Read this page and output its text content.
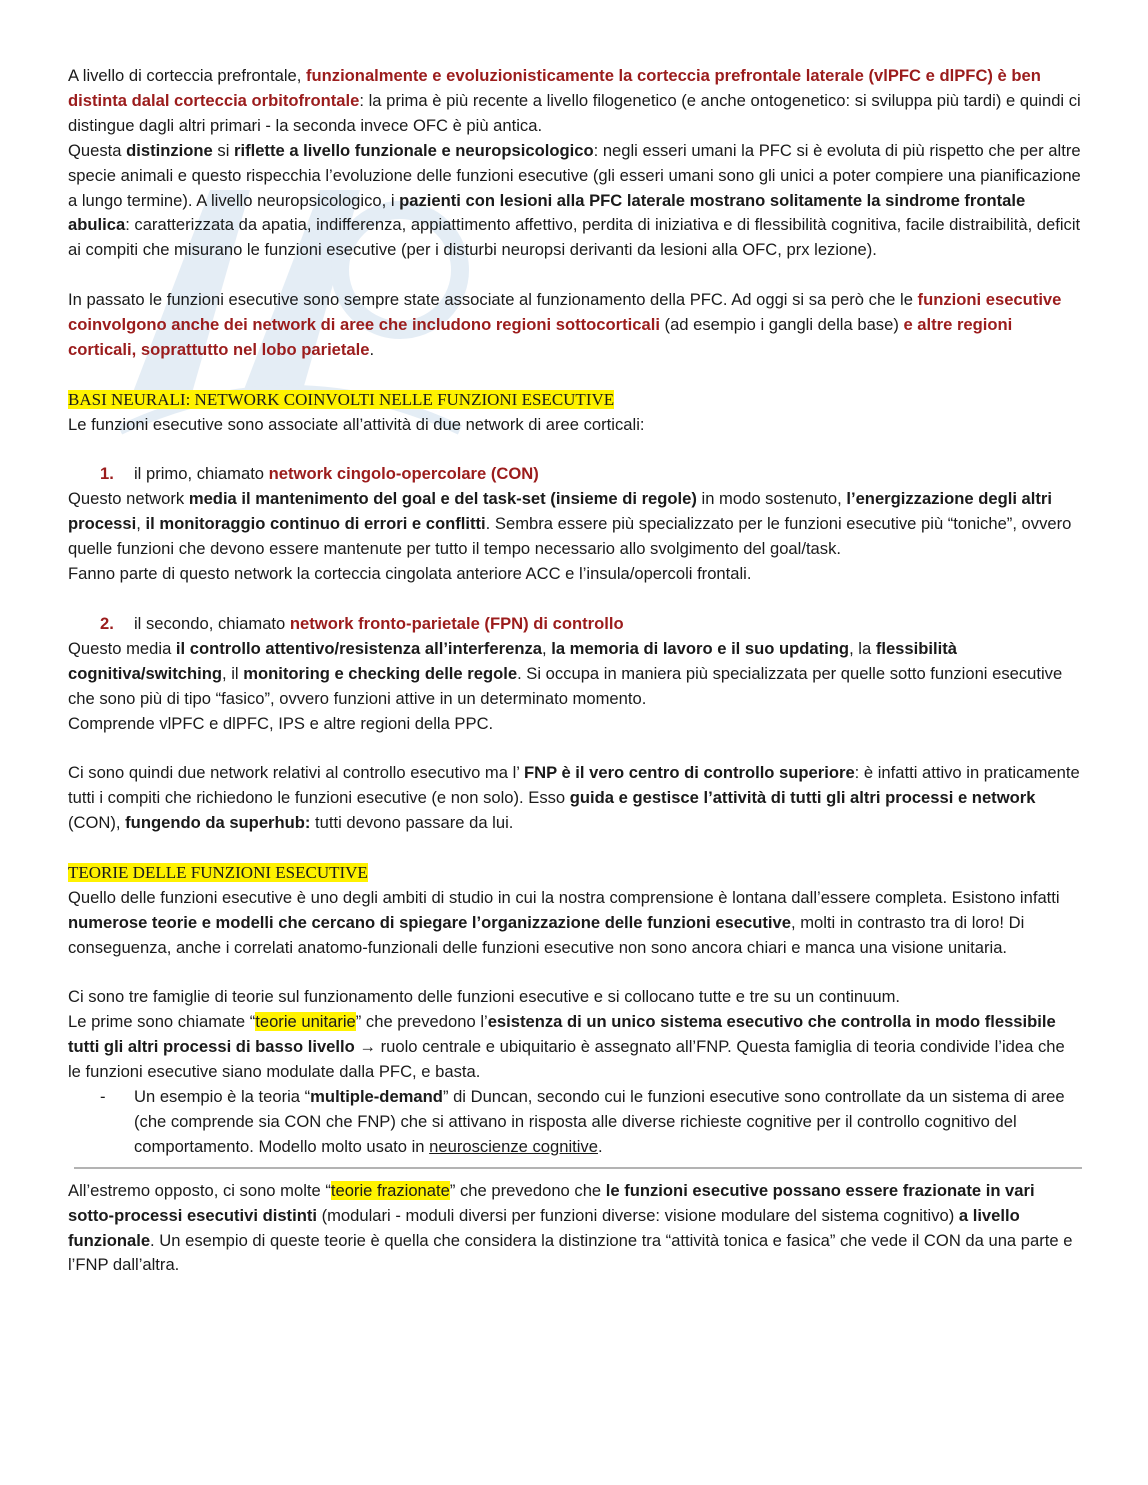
A livello di corteccia prefrontale, funzionalmente e evoluzionisticamente la corteccia prefrontale laterale (vlPFC e dlPFC) è ben distinta dalal corteccia orbitofrontale: la prima è più recente a livello filogenetico (e anche ontogenetico: si sviluppa più tardi) e quindi ci distingue dagli altri primari - la seconda invece OFC è più antica.

Questa distinzione si riflette a livello funzionale e neuropsicologico: negli esseri umani la PFC si è evoluta di più rispetto che per altre specie animali e questo rispecchia l’evoluzione delle funzioni esecutive (gli esseri umani sono gli unici a poter compiere una pianificazione a lungo termine). A livello neuropsicologico, i pazienti con lesioni alla PFC laterale mostrano solitamente la sindrome frontale abulica: caratterizzata da apatia, indifferenza, appiattimento affettivo, perdita di iniziativa e di flessibilità cognitiva, facile distraibilità, deficit ai compiti che misurano le funzioni esecutive (per i disturbi neuropsi derivanti da lesioni alla OFC, prx lezione).

In passato le funzioni esecutive sono sempre state associate al funzionamento della PFC. Ad oggi si sa però che le funzioni esecutive coinvolgono anche dei network di aree che includono regioni sottocorticali (ad esempio i gangli della base) e altre regioni corticali, soprattutto nel lobo parietale.

BASI NEURALI: NETWORK COINVOLTI NELLE FUNZIONI ESECUTIVE

Le funzioni esecutive sono associate all’attività di due network di aree corticali:

1. il primo, chiamato network cingolo-opercolare (CON)

Questo network media il mantenimento del goal e del task-set (insieme di regole) in modo sostenuto, l’energizzazione degli altri processi, il monitoraggio continuo di errori e conflitti. Sembra essere più specializzato per le funzioni esecutive più “toniche”, ovvero quelle funzioni che devono essere mantenute per tutto il tempo necessario allo svolgimento del goal/task.

Fanno parte di questo network la corteccia cingolata anteriore ACC e l’insula/opercoli frontali.

2. il secondo, chiamato network fronto-parietale (FPN) di controllo

Questo media il controllo attentivo/resistenza all’interferenza, la memoria di lavoro e il suo updating, la flessibilità cognitiva/switching, il monitoring e checking delle regole. Si occupa in maniera più specializzata per quelle sotto funzioni esecutive che sono più di tipo “fasico”, ovvero funzioni attive in un determinato momento.

Comprende vlPFC e dlPFC, IPS e altre regioni della PPC.

Ci sono quindi due network relativi al controllo esecutivo ma l’ FNP è il vero centro di controllo superiore: è infatti attivo in praticamente tutti i compiti che richiedono le funzioni esecutive (e non solo). Esso guida e gestisce l’attività di tutti gli altri processi e network (CON), fungendo da superhub: tutti devono passare da lui.

TEORIE DELLE FUNZIONI ESECUTIVE

Quello delle funzioni esecutive è uno degli ambiti di studio in cui la nostra comprensione è lontana dall’essere completa. Esistono infatti numerose teorie e modelli che cercano di spiegare l’organizzazione delle funzioni esecutive, molti in contrasto tra di loro! Di conseguenza, anche i correlati anatomo-funzionali delle funzioni esecutive non sono ancora chiari e manca una visione unitaria.

Ci sono tre famiglie di teorie sul funzionamento delle funzioni esecutive e si collocano tutte e tre su un continuum.

Le prime sono chiamate “teorie unitarie” che prevedono l’esistenza di un unico sistema esecutivo che controlla in modo flessibile tutti gli altri processi di basso livello → ruolo centrale e ubiquitario è assegnato all’FNP. Questa famiglia di teoria condivide l’idea che le funzioni esecutive siano modulate dalla PFC, e basta.

- Un esempio è la teoria “multiple-demand” di Duncan, secondo cui le funzioni esecutive sono controllate da un sistema di aree (che comprende sia CON che FNP) che si attivano in risposta alle diverse richieste cognitive per il controllo cognitivo del comportamento. Modello molto usato in neuroscienze cognitive.

All’estremo opposto, ci sono molte “teorie frazionate” che prevedono che le funzioni esecutive possano essere frazionate in vari sotto-processi esecutivi distinti (modulari - moduli diversi per funzioni diverse: visione modulare del sistema cognitivo) a livello funzionale. Un esempio di queste teorie è quella che considera la distinzione tra “attività tonica e fasica” che vede il CON da una parte e l’FNP dall’altra.
